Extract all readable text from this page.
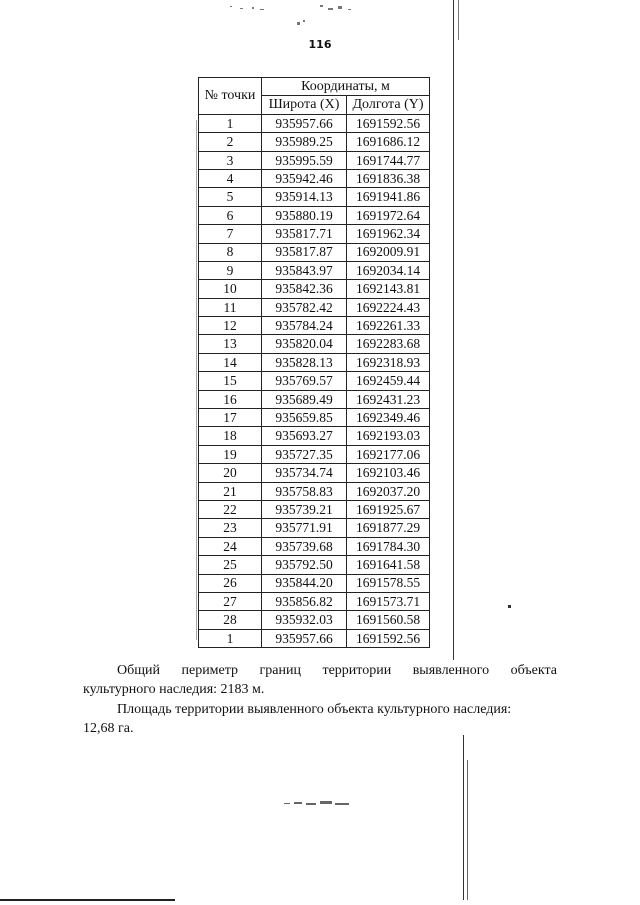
116
№ точки	Координаты, м	
	Широта (X)	Долгота (Y)
1	935957.66	1691592.56
2	935989.25	1691686.12
3	935995.59	1691744.77
4	935942.46	1691836.38
5	935914.13	1691941.86
6	935880.19	1691972.64
7	935817.71	1691962.34
8	935817.87	1692009.91
9	935843.97	1692034.14
10	935842.36	1692143.81
11	935782.42	1692224.43
12	935784.24	1692261.33
13	935820.04	1692283.68
14	935828.13	1692318.93
15	935769.57	1692459.44
16	935689.49	1692431.23
17	935659.85	1692349.46
18	935693.27	1692193.03
19	935727.35	1692177.06
20	935734.74	1692103.46
21	935758.83	1692037.20
22	935739.21	1691925.67
23	935771.91	1691877.29
24	935739.68	1691784.30
25	935792.50	1691641.58
26	935844.20	1691578.55
27	935856.82	1691573.71
28	935932.03	1691560.58
1	935957.66	1691592.56
Общий периметр границ территории выявленного объекта
культурного наследия: 2183 м.
Площадь территории выявленного объекта культурного наследия:
12,68 га.
